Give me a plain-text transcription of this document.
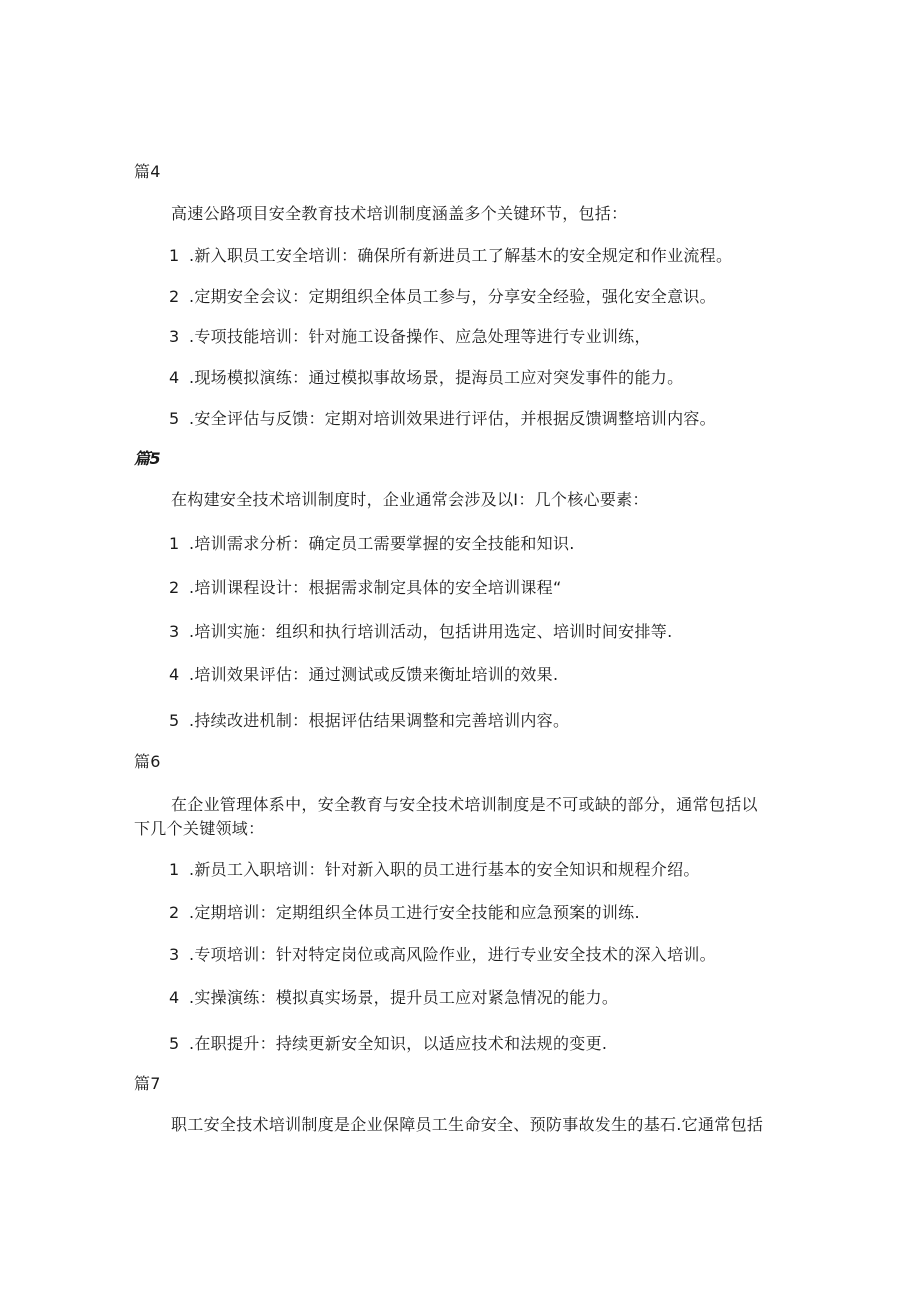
篇4
高速公路项目安全教育技术培训制度涵盖多个关键环节，包括：
1 .新入职员工安全培训：确保所有新进员工了解基木的安全规定和作业流程。
2 .定期安全会议：定期组织全体员工参与，分享安全经验，强化安全意识。
3 .专项技能培训：针对施工设备操作、应急处理等进行专业训练，
4 .现场模拟演练：通过模拟事故场景，提海员工应对突发事件的能力。
5 .安全评估与反馈：定期对培训效果进行评估，并根据反馈调整培训内容。
篇5
在构建安全技术培训制度时，企业通常会涉及以I：几个核心要素：
1 .培训需求分析：确定员工需要掌握的安全技能和知识.
2 .培训课程设计：根据需求制定具体的安全培训课程“
3 .培训实施：组织和执行培训活动，包括讲用选定、培训时间安排等.
4 .培训效果评估：通过测试或反馈来衡址培训的效果.
5 .持续改进机制：根据评估结果调整和完善培训内容。
篇6
在企业管理体系中，安全教育与安全技术培训制度是不可或缺的部分，通常包括以
下几个关键领域：
1 .新员工入职培训：针对新入职的员工进行基本的安全知识和规程介绍。
2 .定期培训：定期组织全体员工进行安全技能和应急预案的训练.
3 .专项培训：针对特定岗位或高风险作业，进行专业安全技术的深入培训。
4 .实操演练：模拟真实场景，提升员工应对紧急情况的能力。
5 .在职提升：持续更新安全知识，以适应技术和法规的变更.
篇7
职工安全技术培训制度是企业保障员工生命安全、预防事故发生的基石.它通常包括
